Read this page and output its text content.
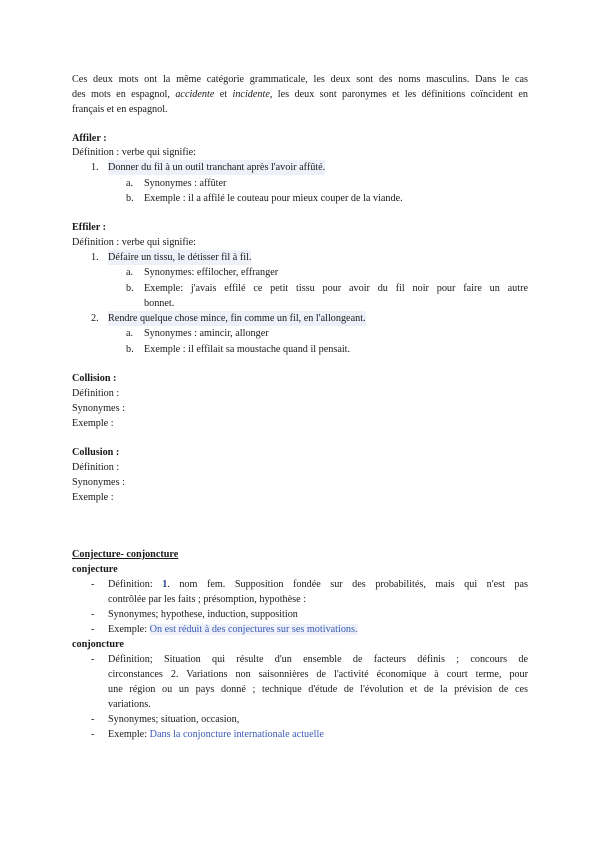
Ces deux mots ont la même catégorie grammaticale, les deux sont des noms masculins. Dans le cas
des mots en espagnol, accidente et incidente, les deux sont paronymes et les définitions coïncident en
français et en espagnol.
Affiler :
Définition : verbe qui signifie:
1. Donner du fil à un outil tranchant après l'avoir affûté.
a. Synonymes : affûter
b. Exemple : il a affilé le couteau pour mieux couper de la viande.
Effiler :
Définition : verbe qui signifie:
1. Défaire un tissu, le détisser fil à fil.
a. Synonymes: effilocher, effranger
b. Exemple: j'avais effilé ce petit tissu pour avoir du fil noir pour faire un autre
bonnet.
2. Rendre quelque chose mince, fin comme un fil, en l'allongeant.
a. Synonymes : amincir, allonger
b. Exemple : il effilait sa moustache quand il pensait.
Collision :
Définition :
Synonymes :
Exemple :
Collusion :
Définition :
Synonymes :
Exemple :
Conjecture- conjoncture
conjecture
- Définition: 1. nom fem. Supposition fondée sur des probabilités, mais qui n'est pas
contrôlée par les faits ; présomption, hypothèse :
- Synonymes; hypothese, induction, supposition
- Exemple: On est réduit à des conjectures sur ses motivations.
conjoncture
- Définition; Situation qui résulte d'un ensemble de facteurs définis ; concours de
circonstances 2. Variations non saisonnières de l'activité économique à court terme, pour
une région ou un pays donné ; technique d'étude de l'évolution et de la prévision de ces
variations.
- Synonymes; situation, occasion,
- Exemple: Dans la conjoncture internationale actuelle
